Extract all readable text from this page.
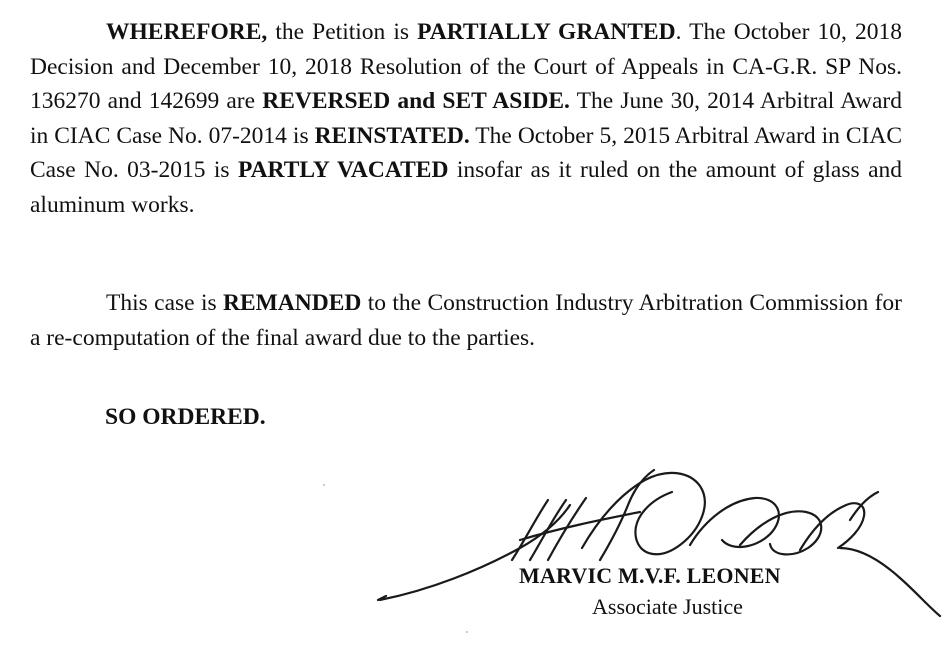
WHEREFORE, the Petition is PARTIALLY GRANTED. The October 10, 2018 Decision and December 10, 2018 Resolution of the Court of Appeals in CA-G.R. SP Nos. 136270 and 142699 are REVERSED and SET ASIDE. The June 30, 2014 Arbitral Award in CIAC Case No. 07-2014 is REINSTATED. The October 5, 2015 Arbitral Award in CIAC Case No. 03-2015 is PARTLY VACATED insofar as it ruled on the amount of glass and aluminum works.

This case is REMANDED to the Construction Industry Arbitration Commission for a re-computation of the final award due to the parties.

SO ORDERED.

MARVIC M.V.F. LEONEN
Associate Justice
